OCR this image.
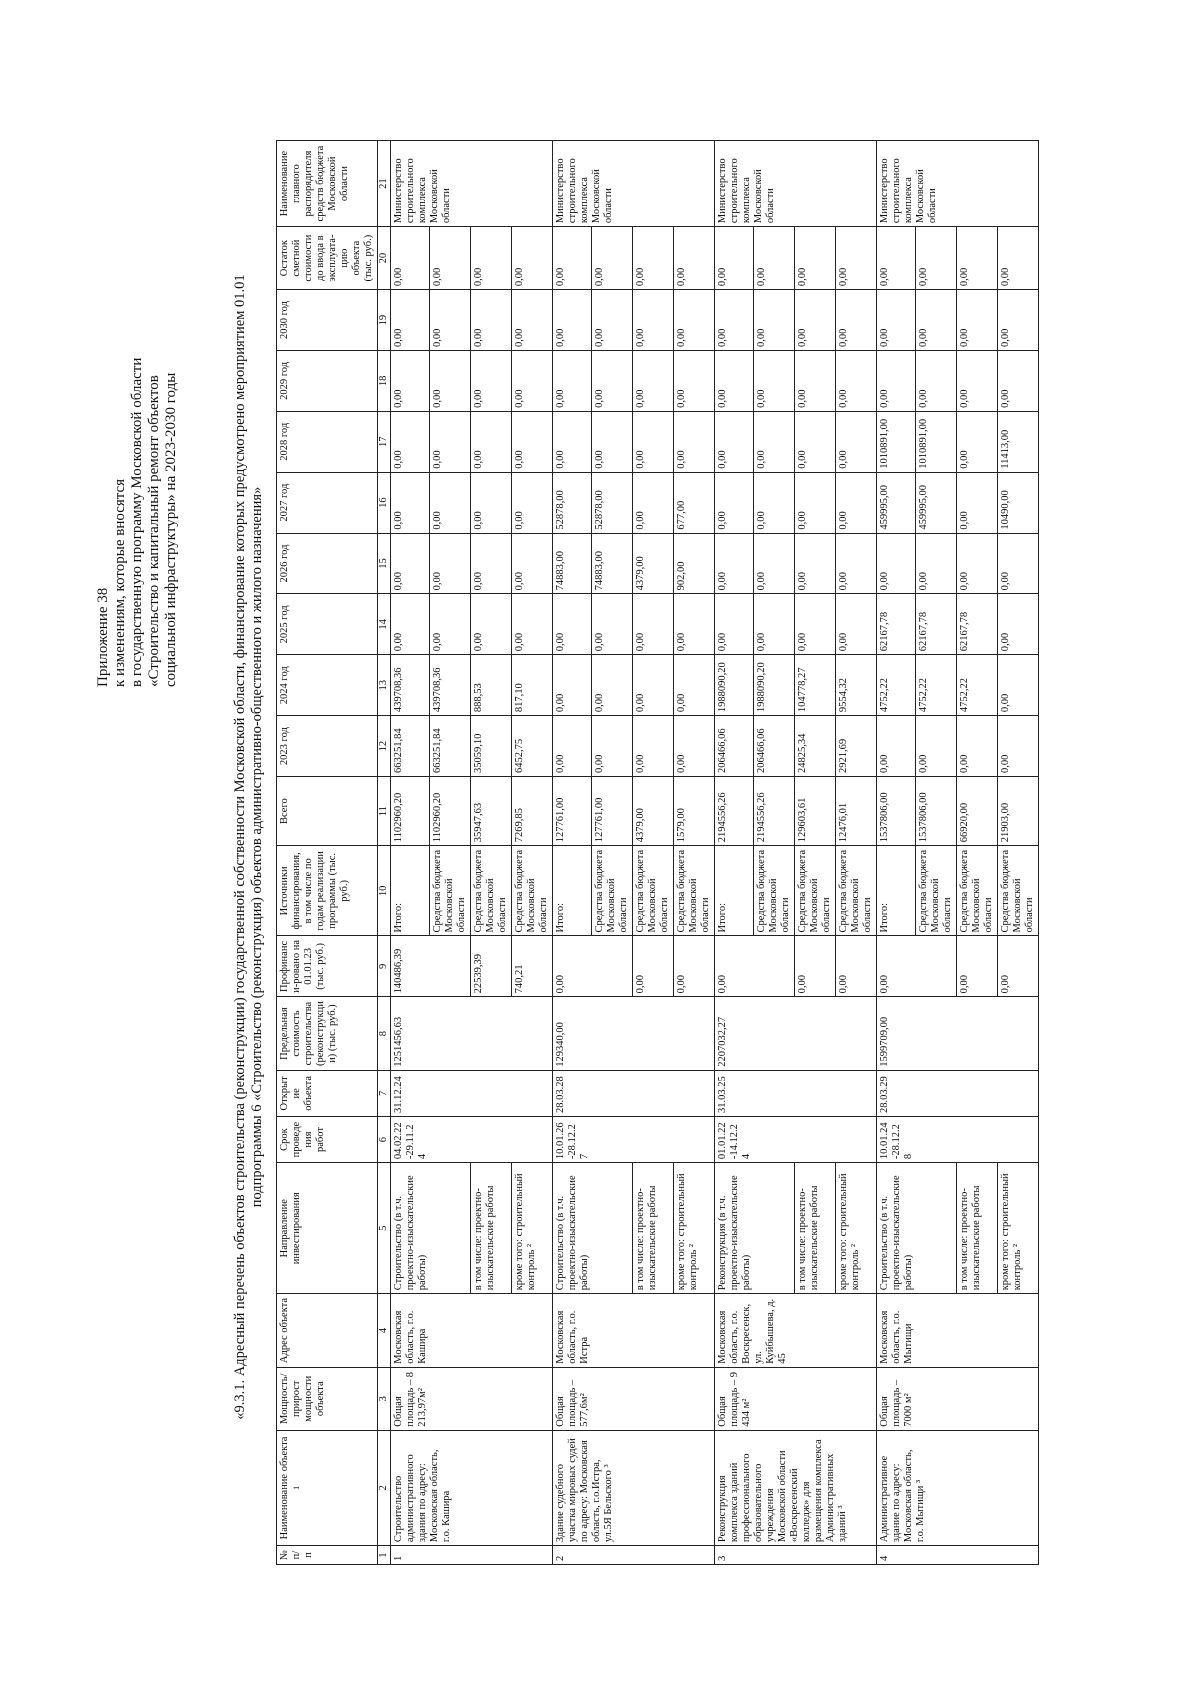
Приложение 38 к изменениям, которые вносятся в государственную программу Московской области «Строительство и капитальный ремонт объектов социальной инфраструктуры» на 2023-2030 годы	«9.3.1. Адресный перечень объектов строительства (реконструкции) государственной собственности Московской области, финансирование которых предусмотрено мероприятием 01.01 подпрограммы 6 «Строительство (реконструкция) объектов административно-общественного и жилого назначения»
№ п/п	Наименование объекта $^1$	Мощность/ прирост мощности объекта	Адрес объекта	Направление инвестирования	Срок проведения работ	Открытие объекта	Предельная стоимость строительства (реконструкции) (тыс. руб.)	Профинанси-ровано на 01.01.23 (тыс. руб.)	Источники финансирования, в том числе по годам реализации программы (тыс. руб.)	Всего	2023 год	2024 год	2025 год	2026 год	2027 год	2028 год	2029 год	2030 год	Остаток сметной стоимости до ввода в эксплуата-цию объекта (тыс. руб.)	Наименование главного распорядителя средств бюджета Московской области
1	2	3	4	5	6	7	8	9	10	11	12	13	14	15	16	17	18	19	20	21
1	Строительство административного здания по адресу: Московская область, г.о. Кашира	Общая площадь – 8 213,97м²	Московская область, г.о. Кашира	Строительство (в т.ч. проектно-изыскательские работы)	04.02.22-29.11.24	31.12.24	1251456,63	140486,39	Итого:	1102960,20	663251,84	439708,36	0,00	0,00	0,00	0,00	0,00	0,00	0,00	Министерство строительного комплекса Московской области
									Средства бюджета Московской области	1102960,20	663251,84	439708,36	0,00	0,00	0,00	0,00	0,00	0,00	0,00	
				в том числе: проектно-изыскательские работы				22539,39	Средства бюджета Московской области	35947,63	35059,10	888,53	0,00	0,00	0,00	0,00	0,00	0,00	0,00	
				кроме того: строительный контроль ²				740,21	Средства бюджета Московской области	7269,85	6452,75	817,10	0,00	0,00	0,00	0,00	0,00	0,00	0,00	
2	Здание судебного участка мировых судей по адресу: Московская область, г.о.Истра, ул.5Я Бельского ³	Общая площадь – 577,6м²	Московская область, г.о. Истра	Строительство (в т.ч. проектно-изыскательские работы)	10.01.26-28.12.27	28.03.28	129340,00	0,00	Итого:	127761,00	0,00	0,00	0,00	74883,00	52878,00	0,00	0,00	0,00	0,00	Министерство строительного комплекса Московской области
									Средства бюджета Московской области	127761,00	0,00	0,00	0,00	74883,00	52878,00	0,00	0,00	0,00	0,00	
				в том числе: проектно-изыскательские работы				0,00	Средства бюджета Московской области	4379,00	0,00	0,00	0,00	4379,00	0,00	0,00	0,00	0,00	0,00	
				кроме того: строительный контроль ²				0,00	Средства бюджета Московской области	1579,00	0,00	0,00	0,00	902,00	677,00	0,00	0,00	0,00	0,00	
3	Реконструкция комплекса зданий профессионального образовательного учреждения Московской области «Воскресенский колледж» для размещения комплекса Административных зданий ³	Общая площадь – 9 434 м²	Московская область, г.о. Воскресенск, ул. Куйбышева, д. 45	Реконструкция (в т.ч. проектно-изыскательские работы)	01.01.22-14.12.24	31.03.25	2207032,27	0,00	Итого:	2194556,26	206466,06	1988090,20	0,00	0,00	0,00	0,00	0,00	0,00	0,00	Министерство строительного комплекса Московской области
									Средства бюджета Московской области	2194556,26	206466,06	1988090,20	0,00	0,00	0,00	0,00	0,00	0,00	0,00	
				в том числе: проектно-изыскательские работы				0,00	Средства бюджета Московской области	129603,61	24825,34	104778,27	0,00	0,00	0,00	0,00	0,00	0,00	0,00	
				кроме того: строительный контроль ²				0,00	Средства бюджета Московской области	12476,01	2921,69	9554,32	0,00	0,00	0,00	0,00	0,00	0,00	0,00	
4	Административное здание по адресу: Московская область, г.о. Мытищи ³	Общая площадь – 7000 м²	Московская область, г.о. Мытищи	Строительство (в т.ч. проектно-изыскательские работы)	10.01.24-28.12.28	28.03.29	1599709,00	0,00	Итого:	1537806,00	0,00	4752,22	62167,78	0,00	459995,00	1010891,00	0,00	0,00	0,00	Министерство строительного комплекса Московской области
									Средства бюджета Московской области	1537806,00	0,00	4752,22	62167,78	0,00	459995,00	1010891,00	0,00	0,00	0,00	
				в том числе: проектно-изыскательские работы				0,00	Средства бюджета Московской области	66920,00	0,00	4752,22	62167,78	0,00	0,00	0,00	0,00	0,00	0,00	
				кроме того: строительный контроль ²				0,00	Средства бюджета Московской области	21903,00	0,00	0,00	0,00	0,00	10490,00	11413,00	0,00	0,00	0,00	
